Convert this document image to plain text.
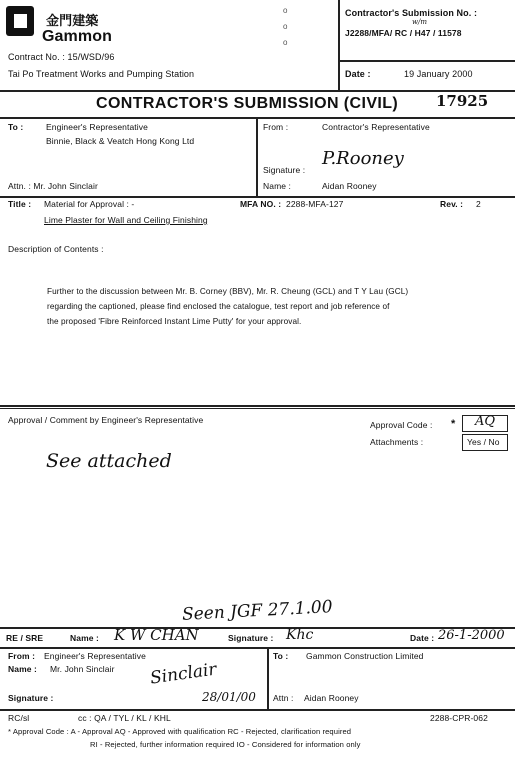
金門建築
Gammon
Contract No. : 15/WSD/96
Tai Po Treatment Works and Pumping Station
Contractor's Submission No. :
w/m
J2288/MFA/ RC / H47 / 11578
Date :	19 January 2000
o
o
o
CONTRACTOR'S SUBMISSION (CIVIL)	17925
To :	Engineer's Representative
Binnie, Black & Veatch Hong Kong Ltd
Attn. : Mr. John Sinclair
From :	Contractor's Representative
Signature :
P.Rooney
Name :	Aidan Rooney
Title : Material for Approval : -	MFA NO. : 2288-MFA-127	Rev. : 2
Lime Plaster for Wall and Ceiling Finishing
Description of Contents :
Further to the discussion between Mr. B. Corney (BBV), Mr. R. Cheung (GCL) and T Y Lau (GCL)
regarding the captioned, please find enclosed the catalogue, test report and job reference of
the proposed 'Fibre Reinforced Instant Lime Putty' for your approval.
Approval / Comment by Engineer's Representative	Approval Code : * AQ
Attachments :	Yes / No
See attached
Seen JGF 27.1.00
RE / SRE	Name : K W CHAN	Signature : Khc	Date : 26-1-2000
From : Engineer's Representative
Name : Mr. John Sinclair
Signature :
Sinclair
28/01/00
To : Gammon Construction Limited
Attn : Aidan Rooney
RC/sl	cc : QA / TYL / KL / KHL	2288-CPR-062
* Approval Code : A - Approval AQ - Approved with qualification RC - Rejected, clarification required
RI - Rejected, further information required IO - Considered for information only
